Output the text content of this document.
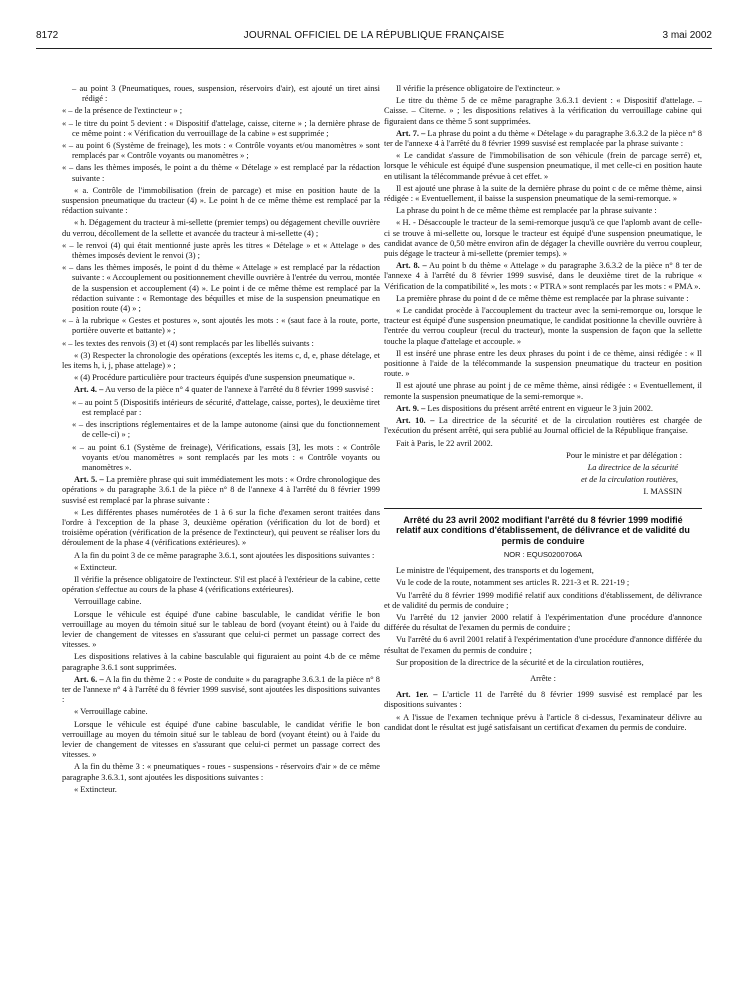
8172	JOURNAL OFFICIEL DE LA RÉPUBLIQUE FRANÇAISE	3 mai 2002

– au point 3 (Pneumatiques, roues, suspension, réservoirs d'air), est ajouté un tiret ainsi rédigé :

« – de la présence de l'extincteur » ;

« – le titre du point 5 devient : « Dispositif d'attelage, caisse, citerne » ; la dernière phrase de ce même point : « Vérification du verrouillage de la cabine » est supprimée ;

« – au point 6 (Système de freinage), les mots : « Contrôle voyants et/ou manomètres » sont remplacés par « Contrôle voyants ou manomètres » ;

« – dans les thèmes imposés, le point a du thème « Dételage » est remplacé par la rédaction suivante :

« a. Contrôle de l'immobilisation (frein de parcage) et mise en position haute de la suspension pneumatique du tracteur (4) ». Le point h de ce même thème est remplacé par la rédaction suivante :

« h. Dégagement du tracteur à mi-sellette (premier temps) ou dégagement cheville ouvrière du verrou, décollement de la sellette et avancée du tracteur à mi-sellette (4) ;

« – le renvoi (4) qui était mentionné juste après les titres « Dételage » et « Attelage » des thèmes imposés devient le renvoi (3) ;

« – dans les thèmes imposés, le point d du thème « Attelage » est remplacé par la rédaction suivante : « Accouplement ou positionnement cheville ouvrière à l'entrée du verrou, montée de la suspension et accouplement (4) ». Le point i de ce même thème est remplacé par la rédaction suivante : « Remontage des béquilles et mise de la suspension pneumatique en position route (4) » ;

« – à la rubrique « Gestes et postures », sont ajoutés les mots : « (saut face à la route, porte, portière ouverte et battante) » ;

« – les textes des renvois (3) et (4) sont remplacés par les libellés suivants :

« (3) Respecter la chronologie des opérations (exceptés les items c, d, e, phase dételage, et les items h, i, j, phase attelage) » ;

« (4) Procédure particulière pour tracteurs équipés d'une suspension pneumatique ».

Art. 4. – Au verso de la pièce n° 4 quater de l'annexe à l'arrêté du 8 février 1999 susvisé :

« – au point 5 (Dispositifs intérieurs de sécurité, d'attelage, caisse, portes), le deuxième tiret est remplacé par :

« – des inscriptions réglementaires et de la lampe autonome (ainsi que du fonctionnement de celle-ci) » ;

« – au point 6.1 (Système de freinage), Vérifications, essais [3], les mots : « Contrôle voyants et/ou manomètres » sont remplacés par les mots : « Contrôle voyants ou manomètres ».

Art. 5. – La première phrase qui suit immédiatement les mots : « Ordre chronologique des opérations » du paragraphe 3.6.1 de la pièce n° 8 de l'annexe 4 à l'arrêté du 8 février 1999 susvisé est remplacé par la phrase suivante :

« Les différentes phases numérotées de 1 à 6 sur la fiche d'examen seront traitées dans l'ordre à l'exception de la phase 3, deuxième opération (vérification du lot de bord) et troisième opération (vérification de la présence de l'extincteur), qui peuvent se réaliser lors du déroulement de la phase 4 (vérifications extérieures). »

A la fin du point 3 de ce même paragraphe 3.6.1, sont ajoutées les dispositions suivantes :

« Extincteur.

Il vérifie la présence obligatoire de l'extincteur. S'il est placé à l'extérieur de la cabine, cette opération s'effectue au cours de la phase 4 (vérifications extérieures).

Verrouillage cabine.

Lorsque le véhicule est équipé d'une cabine basculable, le candidat vérifie le bon verrouillage au moyen du témoin situé sur le tableau de bord (voyant éteint) ou à l'aide du levier de changement de vitesses en s'assurant que celui-ci permet un passage correct des vitesses. »

Les dispositions relatives à la cabine basculable qui figuraient au point 4.b de ce même paragraphe 3.6.1 sont supprimées.

Art. 6. – A la fin du thème 2 : « Poste de conduite » du paragraphe 3.6.3.1 de la pièce n° 8 ter de l'annexe n° 4 à l'arrêté du 8 février 1999 susvisé, sont ajoutées les dispositions suivantes :

« Verrouillage cabine.

Lorsque le véhicule est équipé d'une cabine basculable, le candidat vérifie le bon verrouillage au moyen du témoin situé sur le tableau de bord (voyant éteint) ou à l'aide du levier de changement de vitesses en s'assurant que celui-ci permet un passage correct des vitesses. »

A la fin du thème 3 : « pneumatiques - roues - suspensions - réservoirs d'air » de ce même paragraphe 3.6.3.1, sont ajoutées les dispositions suivantes :

« Extincteur.

Il vérifie la présence obligatoire de l'extincteur. »

Le titre du thème 5 de ce même paragraphe 3.6.3.1 devient : « Dispositif d'attelage. – Caisse. – Citerne. » ; les dispositions relatives à la vérification du verrouillage cabine qui figuraient dans ce thème 5 sont supprimées.

Art. 7. – La phrase du point a du thème « Dételage » du paragraphe 3.6.3.2 de la pièce n° 8 ter de l'annexe 4 à l'arrêté du 8 février 1999 susvisé est remplacée par la phrase suivante :

« Le candidat s'assure de l'immobilisation de son véhicule (frein de parcage serré) et, lorsque le véhicule est équipé d'une suspension pneumatique, il met celle-ci en position haute en utilisant la télécommande prévue à cet effet. »

Il est ajouté une phrase à la suite de la dernière phrase du point c de ce même thème, ainsi rédigée : « Eventuellement, il baisse la suspension pneumatique de la semi-remorque. »

La phrase du point h de ce même thème est remplacée par la phrase suivante :

« H. - Désaccouple le tracteur de la semi-remorque jusqu'à ce que l'aplomb avant de celle-ci se trouve à mi-sellette ou, lorsque le tracteur est équipé d'une suspension pneumatique, le candidat avance de 0,50 mètre environ afin de dégager la cheville ouvrière du verrou coupleur, puis dégage le tracteur à mi-sellette (premier temps). »

Art. 8. – Au point b du thème « Attelage » du paragraphe 3.6.3.2 de la pièce n° 8 ter de l'annexe 4 à l'arrêté du 8 février 1999 susvisé, dans le deuxième tiret de la rubrique « Vérification de la compatibilité », les mots : « PTRA » sont remplacés par les mots : « PMA ».

La première phrase du point d de ce même thème est remplacée par la phrase suivante :

« Le candidat procède à l'accouplement du tracteur avec la semi-remorque ou, lorsque le tracteur est équipé d'une suspension pneumatique, le candidat positionne la cheville ouvrière à l'entrée du verrou coupleur (recul du tracteur), monte la suspension de façon que la sellette touche la plaque d'attelage et accouple. »

Il est inséré une phrase entre les deux phrases du point i de ce thème, ainsi rédigée : « Il positionne à l'aide de la télécommande la suspension pneumatique du tracteur en position route. »

Il est ajouté une phrase au point j de ce même thème, ainsi rédigée : « Eventuellement, il remonte la suspension pneumatique de la semi-remorque ».

Art. 9. – Les dispositions du présent arrêté entrent en vigueur le 3 juin 2002.

Art. 10. – La directrice de la sécurité et de la circulation routières est chargée de l'exécution du présent arrêté, qui sera publié au Journal officiel de la République française.

Fait à Paris, le 22 avril 2002.

Pour le ministre et par délégation :

La directrice de la sécurité

et de la circulation routières,

I. MASSIN

Arrêté du 23 avril 2002 modifiant l'arrêté du 8 février 1999 modifié relatif aux conditions d'établissement, de délivrance et de validité du permis de conduire
NOR : EQUS0200706A

Le ministre de l'équipement, des transports et du logement,

Vu le code de la route, notamment ses articles R. 221-3 et R. 221-19 ;

Vu l'arrêté du 8 février 1999 modifié relatif aux conditions d'établissement, de délivrance et de validité du permis de conduire ;

Vu l'arrêté du 12 janvier 2000 relatif à l'expérimentation d'une procédure d'annonce différée du résultat de l'examen du permis de conduire ;

Vu l'arrêté du 6 avril 2001 relatif à l'expérimentation d'une procédure d'annonce différée du résultat de l'examen du permis de conduire ;

Sur proposition de la directrice de la sécurité et de la circulation routières,

Arrête :

Art. 1er. – L'article 11 de l'arrêté du 8 février 1999 susvisé est remplacé par les dispositions suivantes :

« A l'issue de l'examen technique prévu à l'article 8 ci-dessus, l'examinateur délivre au candidat dont le résultat est jugé satisfaisant un certificat d'examen du permis de conduire.
